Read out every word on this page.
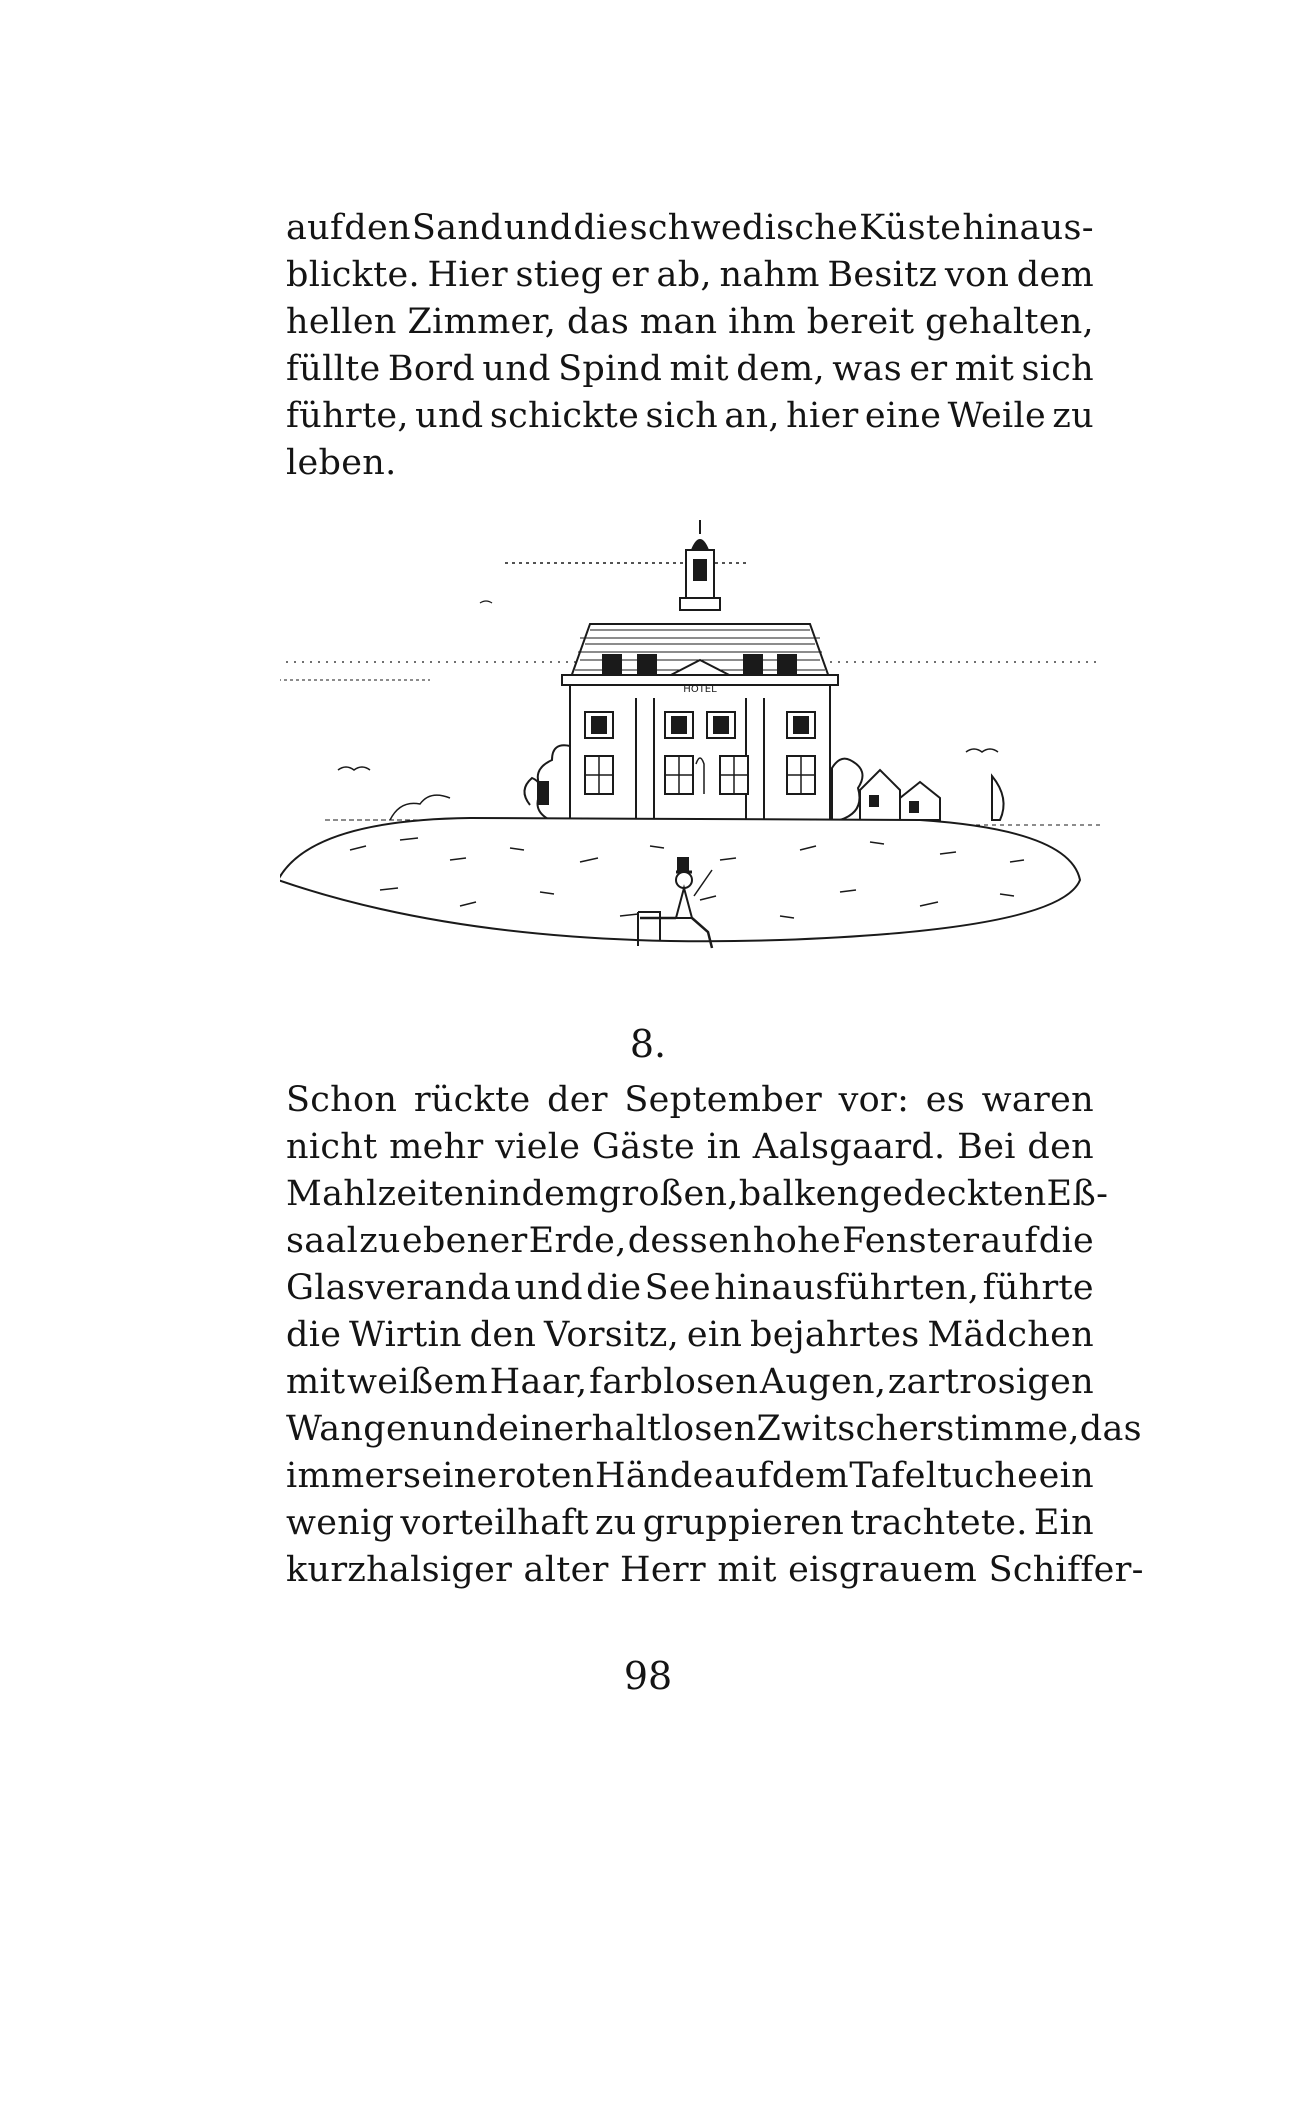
auf den Sand und die schwedische Küste hinaus-
blickte. Hier stieg er ab, nahm Besitz von dem
hellen Zimmer, das man ihm bereit gehalten,
füllte Bord und Spind mit dem, was er mit sich
führte, und schickte sich an, hier eine Weile zu
leben.
HOTEL
8.
Schon rückte der September vor: es waren
nicht mehr viele Gäste in Aalsgaard. Bei den
Mahlzeiten in dem großen, balkengedeckten Eß-
saal zu ebener Erde, dessen hohe Fenster auf die
Glasveranda und die See hinausführten, führte
die Wirtin den Vorsitz, ein bejahrtes Mädchen
mit weißem Haar, farblosen Augen, zartrosigen
Wangen und einer haltlosen Zwitscherstimme, das
immer seine roten Hände auf dem Tafeltuche ein
wenig vorteilhaft zu gruppieren trachtete. Ein
kurzhalsiger alter Herr mit eisgrauem Schiffer-
98
